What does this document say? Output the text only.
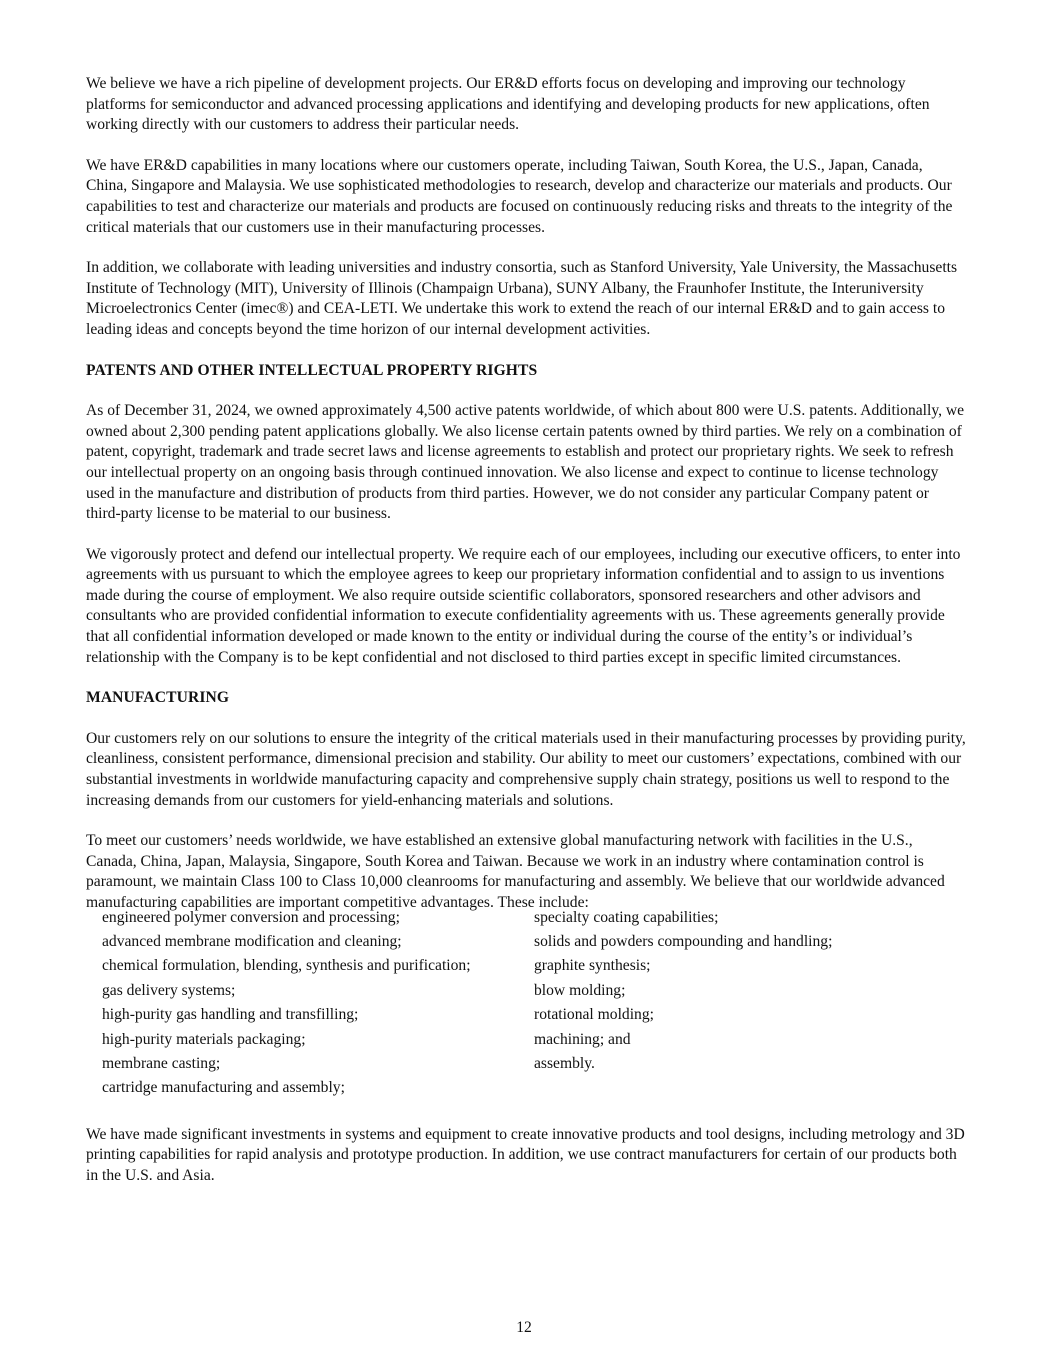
We believe we have a rich pipeline of development projects. Our ER&D efforts focus on developing and improving our technology platforms for semiconductor and advanced processing applications and identifying and developing products for new applications, often working directly with our customers to address their particular needs.

We have ER&D capabilities in many locations where our customers operate, including Taiwan, South Korea, the U.S., Japan, Canada, China, Singapore and Malaysia. We use sophisticated methodologies to research, develop and characterize our materials and products. Our capabilities to test and characterize our materials and products are focused on continuously reducing risks and threats to the integrity of the critical materials that our customers use in their manufacturing processes.

In addition, we collaborate with leading universities and industry consortia, such as Stanford University, Yale University, the Massachusetts Institute of Technology (MIT), University of Illinois (Champaign Urbana), SUNY Albany, the Fraunhofer Institute, the Interuniversity Microelectronics Center (imec®) and CEA-LETI. We undertake this work to extend the reach of our internal ER&D and to gain access to leading ideas and concepts beyond the time horizon of our internal development activities.

PATENTS AND OTHER INTELLECTUAL PROPERTY RIGHTS

As of December 31, 2024, we owned approximately 4,500 active patents worldwide, of which about 800 were U.S. patents. Additionally, we owned about 2,300 pending patent applications globally. We also license certain patents owned by third parties. We rely on a combination of patent, copyright, trademark and trade secret laws and license agreements to establish and protect our proprietary rights. We seek to refresh our intellectual property on an ongoing basis through continued innovation. We also license and expect to continue to license technology used in the manufacture and distribution of products from third parties. However, we do not consider any particular Company patent or third-party license to be material to our business.

We vigorously protect and defend our intellectual property. We require each of our employees, including our executive officers, to enter into agreements with us pursuant to which the employee agrees to keep our proprietary information confidential and to assign to us inventions made during the course of employment. We also require outside scientific collaborators, sponsored researchers and other advisors and consultants who are provided confidential information to execute confidentiality agreements with us. These agreements generally provide that all confidential information developed or made known to the entity or individual during the course of the entity’s or individual’s relationship with the Company is to be kept confidential and not disclosed to third parties except in specific limited circumstances.

MANUFACTURING

Our customers rely on our solutions to ensure the integrity of the critical materials used in their manufacturing processes by providing purity, cleanliness, consistent performance, dimensional precision and stability. Our ability to meet our customers’ expectations, combined with our substantial investments in worldwide manufacturing capacity and comprehensive supply chain strategy, positions us well to respond to the increasing demands from our customers for yield-enhancing materials and solutions.

To meet our customers’ needs worldwide, we have established an extensive global manufacturing network with facilities in the U.S., Canada, China, Japan, Malaysia, Singapore, South Korea and Taiwan. Because we work in an industry where contamination control is paramount, we maintain Class 100 to Class 10,000 cleanrooms for manufacturing and assembly. We believe that our worldwide advanced manufacturing capabilities are important competitive advantages. These include:

engineered polymer conversion and processing;
advanced membrane modification and cleaning;
chemical formulation, blending, synthesis and purification;
gas delivery systems;
high-purity gas handling and transfilling;
high-purity materials packaging;
membrane casting;
cartridge manufacturing and assembly;
specialty coating capabilities;
solids and powders compounding and handling;
graphite synthesis;
blow molding;
rotational molding;
machining; and
assembly.

We have made significant investments in systems and equipment to create innovative products and tool designs, including metrology and 3D printing capabilities for rapid analysis and prototype production. In addition, we use contract manufacturers for certain of our products both in the U.S. and Asia.

12
